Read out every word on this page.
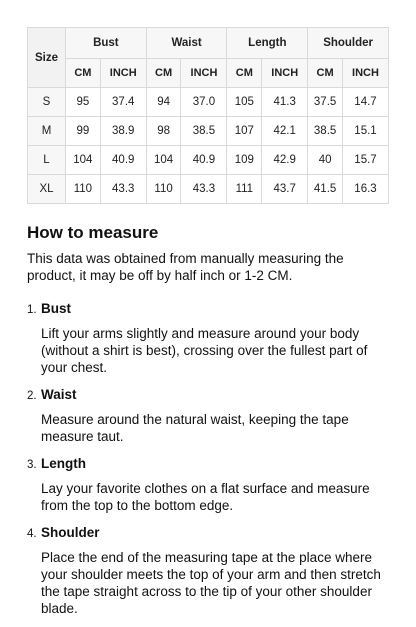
Size	Bust		Waist		Length		Shoulder	
	CM	INCH	CM	INCH	CM	INCH	CM	INCH
S	95	37.4	94	37.0	105	41.3	37.5	14.7
M	99	38.9	98	38.5	107	42.1	38.5	15.1
L	104	40.9	104	40.9	109	42.9	40	15.7
XL	110	43.3	110	43.3	111	43.7	41.5	16.3
How to measure

This data was obtained from manually measuring the product, it may be off by half inch or 1-2 CM.

1. Bust
Lift your arms slightly and measure around your body (without a shirt is best), crossing over the fullest part of your chest.
2. Waist
Measure around the natural waist, keeping the tape measure taut.
3. Length
Lay your favorite clothes on a flat surface and measure from the top to the bottom edge.
4. Shoulder
Place the end of the measuring tape at the place where your shoulder meets the top of your arm and then stretch the tape straight across to the tip of your other shoulder blade.
